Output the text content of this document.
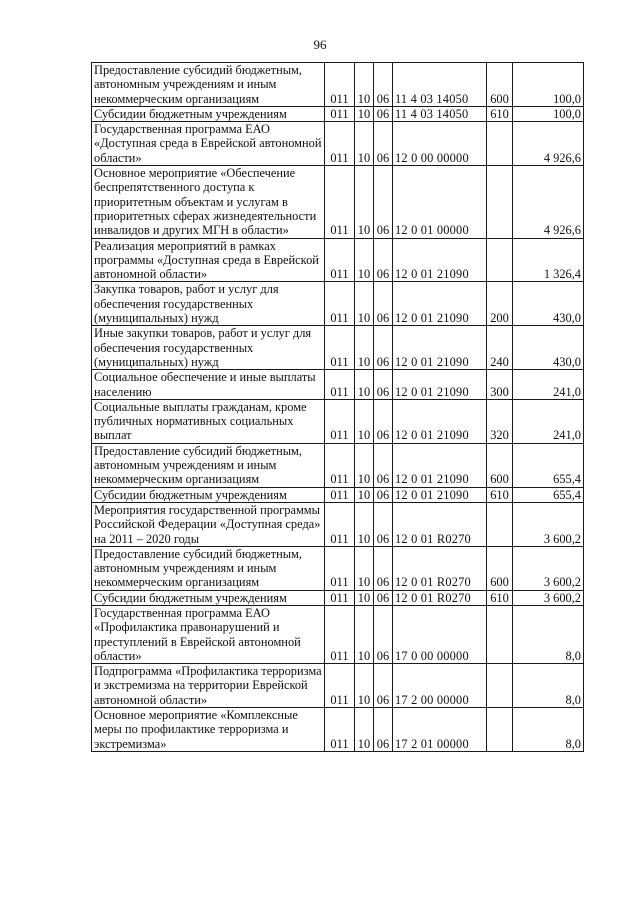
96
Предоставление субсидий бюджетным, автономным учреждениям и иным некоммерческим организациям	011	10	06	11 4 03 14050	600	100,0
Субсидии бюджетным учреждениям	011	10	06	11 4 03 14050	610	100,0
Государственная программа ЕАО «Доступная среда в Еврейской автономной области»	011	10	06	12 0 00 00000		4 926,6
Основное мероприятие «Обеспечение беспрепятственного доступа к приоритетным объектам и услугам в приоритетных сферах жизнедеятельности инвалидов и других МГН в области»	011	10	06	12 0 01 00000		4 926,6
Реализация мероприятий в рамках программы «Доступная среда в Еврейской автономной области»	011	10	06	12 0 01 21090		1 326,4
Закупка товаров, работ и услуг для обеспечения государственных (муниципальных) нужд	011	10	06	12 0 01 21090	200	430,0
Иные закупки товаров, работ и услуг для обеспечения государственных (муниципальных) нужд	011	10	06	12 0 01 21090	240	430,0
Социальное обеспечение и иные выплаты населению	011	10	06	12 0 01 21090	300	241,0
Социальные выплаты гражданам, кроме публичных нормативных социальных выплат	011	10	06	12 0 01 21090	320	241,0
Предоставление субсидий бюджетным, автономным учреждениям и иным некоммерческим организациям	011	10	06	12 0 01 21090	600	655,4
Субсидии бюджетным учреждениям	011	10	06	12 0 01 21090	610	655,4
Мероприятия государственной программы Российской Федерации «Доступная среда» на 2011 – 2020 годы	011	10	06	12 0 01 R0270		3 600,2
Предоставление субсидий бюджетным, автономным учреждениям и иным некоммерческим организациям	011	10	06	12 0 01 R0270	600	3 600,2
Субсидии бюджетным учреждениям	011	10	06	12 0 01 R0270	610	3 600,2
Государственная программа ЕАО «Профилактика правонарушений и преступлений в Еврейской автономной области»	011	10	06	17 0 00 00000		8,0
Подпрограмма «Профилактика терроризма и экстремизма на территории Еврейской автономной области»	011	10	06	17 2 00 00000		8,0
Основное мероприятие «Комплексные меры по профилактике терроризма и экстремизма»	011	10	06	17 2 01 00000		8,0
